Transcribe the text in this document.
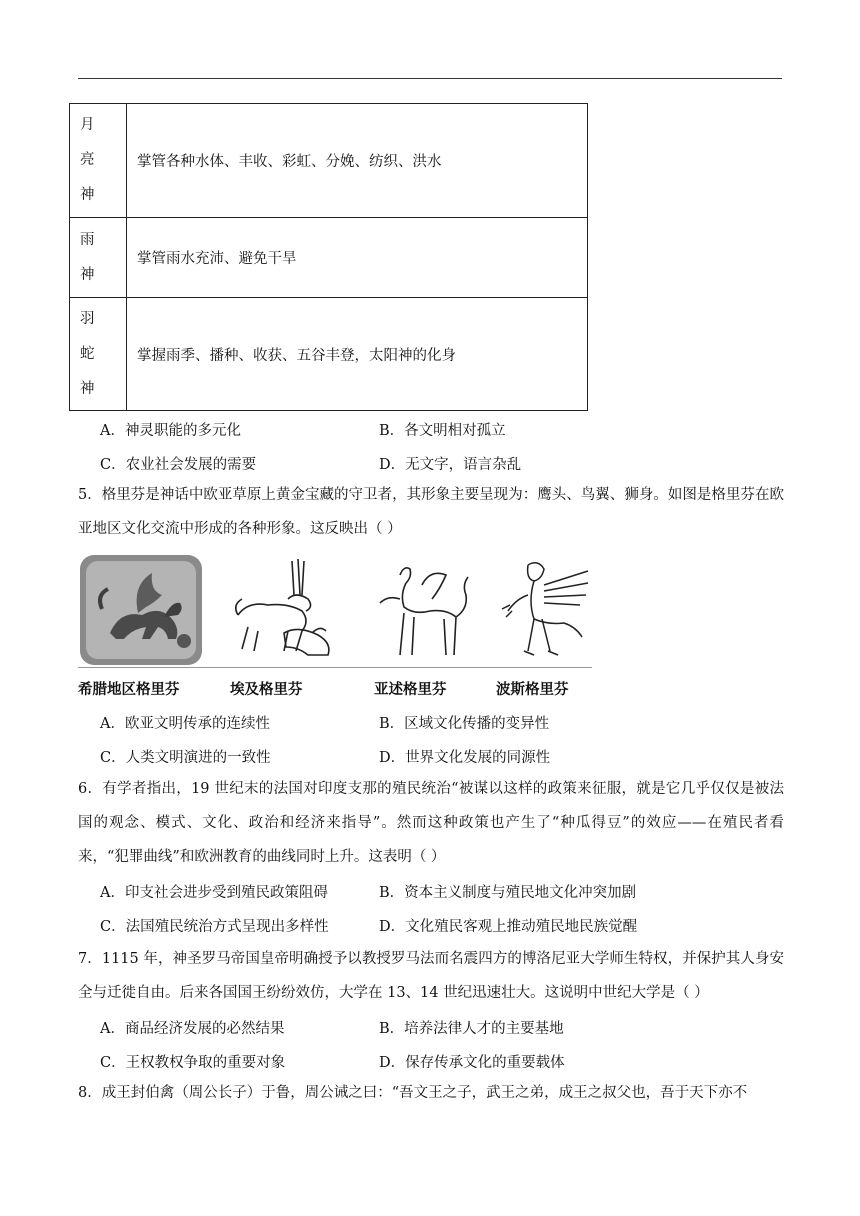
月
亮
神	掌管各种水体、丰收、彩虹、分娩、纺织、洪水

雨
神	掌管雨水充沛、避免干旱

羽
蛇
神	掌握雨季、播种、收获、五谷丰登，太阳神的化身
A．神灵职能的多元化	B．各文明相对孤立
C．农业社会发展的需要	D．无文字，语言杂乱
5．格里芬是神话中欧亚草原上黄金宝藏的守卫者，其形象主要呈现为：鹰头、鸟翼、狮身。如图是格里芬在欧亚地区文化交流中形成的各种形象。这反映出（ ）
希腊地区格里芬	埃及格里芬	亚述格里芬	波斯格里芬
A．欧亚文明传承的连续性	B．区域文化传播的变异性
C．人类文明演进的一致性	D．世界文化发展的同源性
6．有学者指出，19 世纪末的法国对印度支那的殖民统治“被谋以这样的政策来征服，就是它几乎仅仅是被法国的观念、模式、文化、政治和经济来指导”。然而这种政策也产生了“种瓜得豆”的效应——在殖民者看来，“犯罪曲线”和欧洲教育的曲线同时上升。这表明（ ）
A．印支社会进步受到殖民政策阻碍	B．资本主义制度与殖民地文化冲突加剧
C．法国殖民统治方式呈现出多样性	D．文化殖民客观上推动殖民地民族觉醒
7．1115 年，神圣罗马帝国皇帝明确授予以教授罗马法而名震四方的博洛尼亚大学师生特权，并保护其人身安全与迁徙自由。后来各国国王纷纷效仿，大学在 13、14 世纪迅速壮大。这说明中世纪大学是（ ）
A．商品经济发展的必然结果	B．培养法律人才的主要基地
C．王权教权争取的重要对象	D．保存传承文化的重要载体
8．成王封伯禽（周公长子）于鲁，周公诫之曰：“吾文王之子，武王之弟，成王之叔父也，吾于天下亦不
